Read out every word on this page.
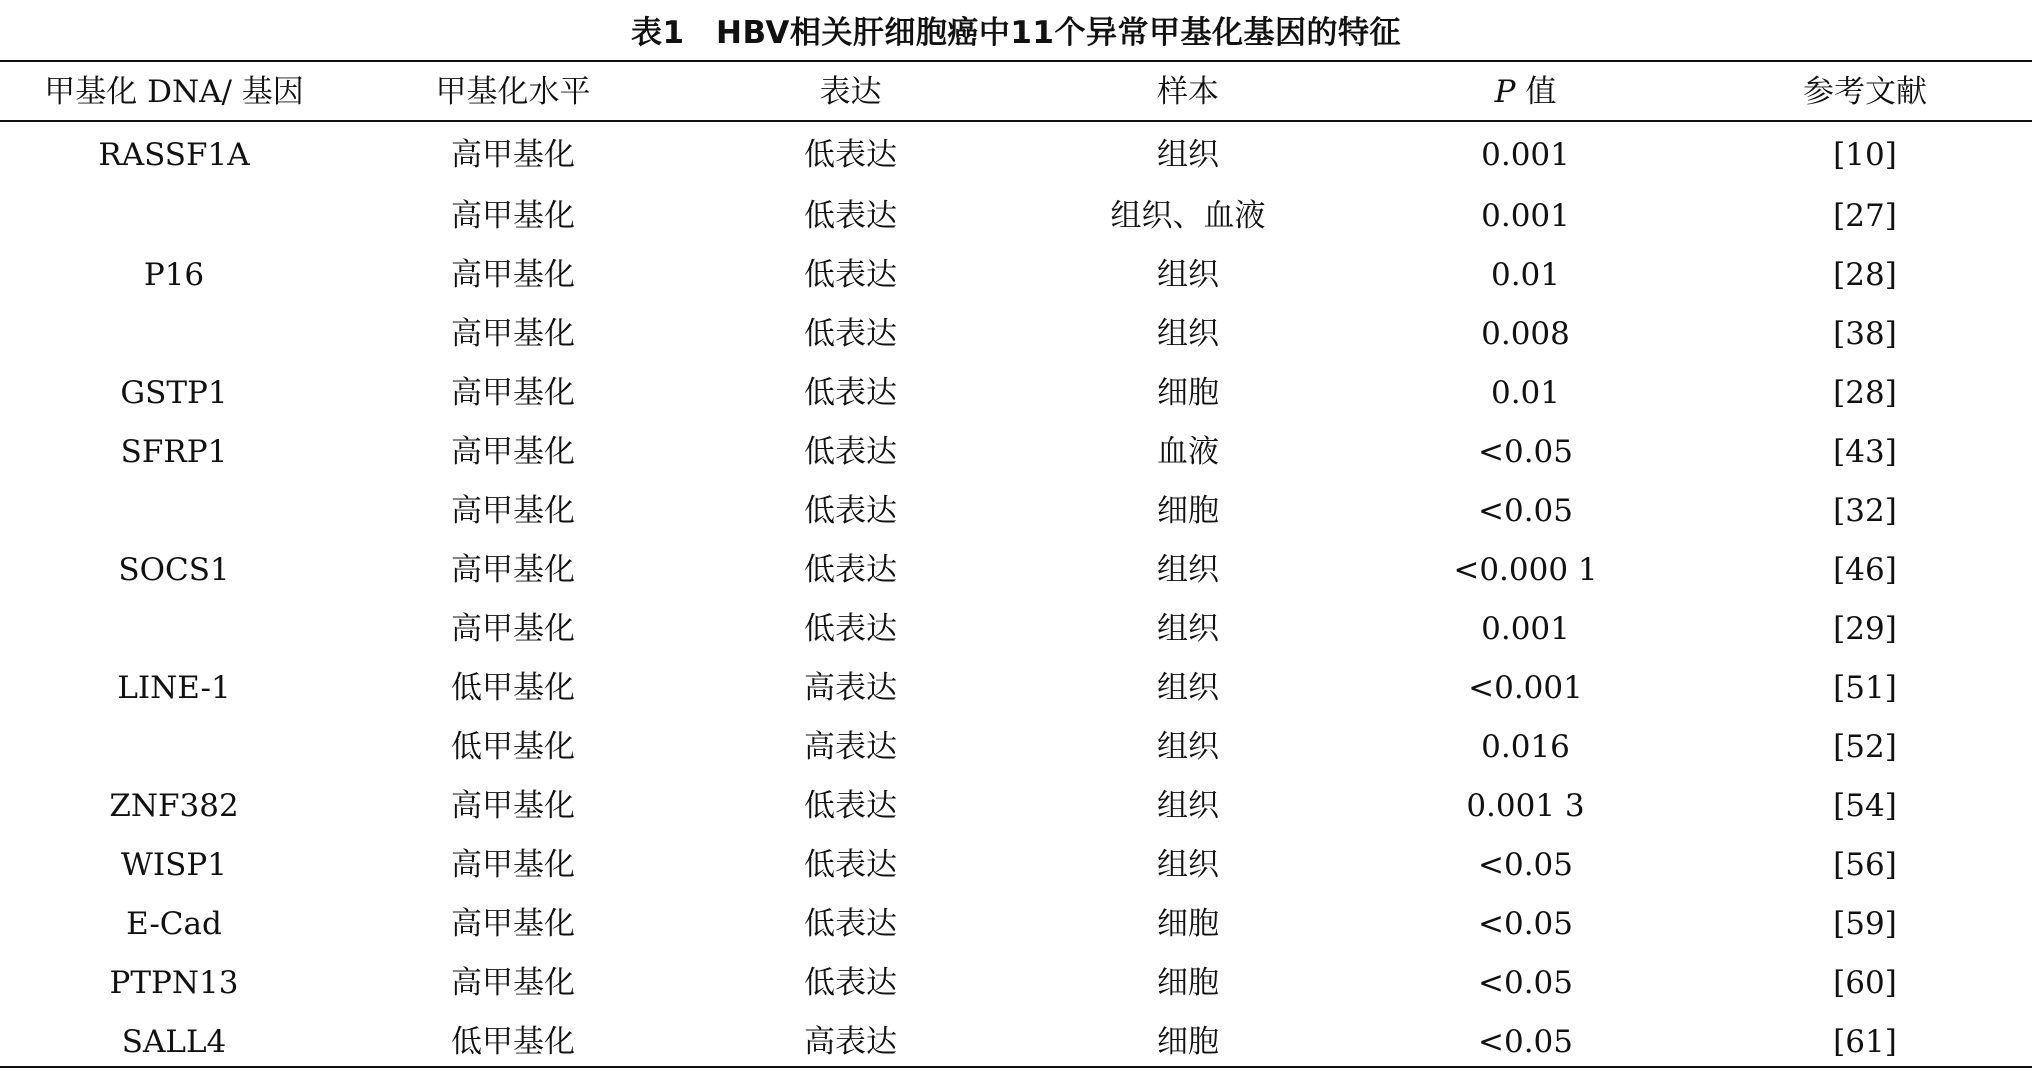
表1　HBV相关肝细胞癌中11个异常甲基化基因的特征
甲基化 DNA/ 基因	甲基化水平	表达	样本	P 值	参考文献

RASSF1A	高甲基化	低表达	组织	0.001	[10]
	高甲基化	低表达	组织、血液	0.001	[27]
P16	高甲基化	低表达	组织	0.01	[28]
	高甲基化	低表达	组织	0.008	[38]
GSTP1	高甲基化	低表达	细胞	0.01	[28]
SFRP1	高甲基化	低表达	血液	<0.05	[43]
	高甲基化	低表达	细胞	<0.05	[32]
SOCS1	高甲基化	低表达	组织	<0.000 1	[46]
	高甲基化	低表达	组织	0.001	[29]
LINE-1	低甲基化	高表达	组织	<0.001	[51]
	低甲基化	高表达	组织	0.016	[52]
ZNF382	高甲基化	低表达	组织	0.001 3	[54]
WISP1	高甲基化	低表达	组织	<0.05	[56]
E-Cad	高甲基化	低表达	细胞	<0.05	[59]
PTPN13	高甲基化	低表达	细胞	<0.05	[60]
SALL4	低甲基化	高表达	细胞	<0.05	[61]
